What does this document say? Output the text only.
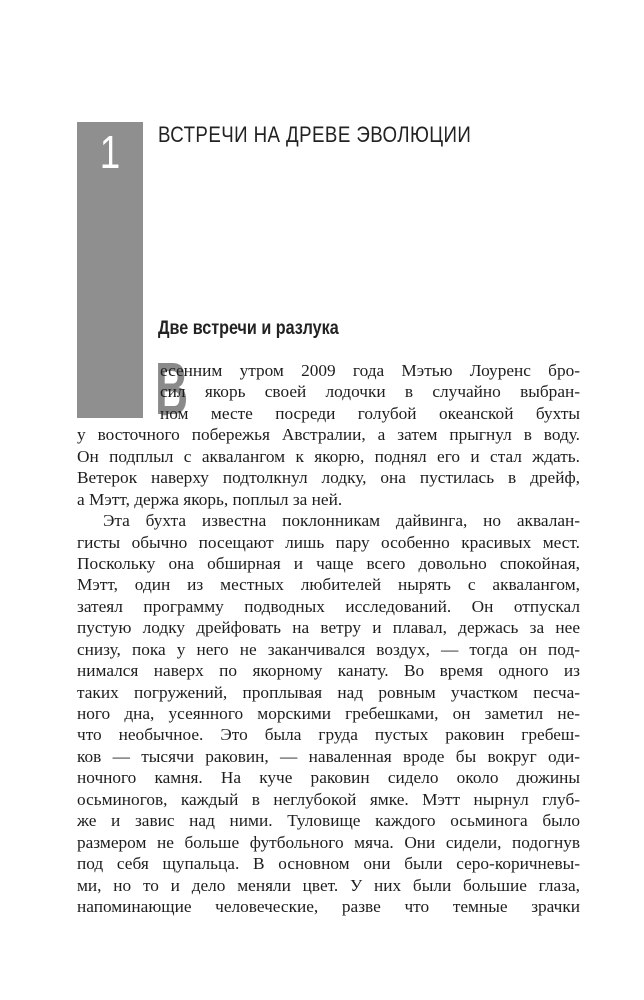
1	ВСТРЕЧИ НА ДРЕВЕ ЭВОЛЮЦИИ
Две встречи и разлука
В
есенним утром 2009 года Мэтью Лоуренс бро-
сил якорь своей лодочки в случайно выбран-
ном месте посреди голубой океанской бухты
у восточного побережья Австралии, а затем прыгнул в воду.
Он подплыл с аквалангом к якорю, поднял его и стал ждать.
Ветерок наверху подтолкнул лодку, она пустилась в дрейф,
а Мэтт, держа якорь, поплыл за ней.
Эта бухта известна поклонникам дайвинга, но аквалан-
гисты обычно посещают лишь пару особенно красивых мест.
Поскольку она обширная и чаще всего довольно спокойная,
Мэтт, один из местных любителей нырять с аквалангом,
затеял программу подводных исследований. Он отпускал
пустую лодку дрейфовать на ветру и плавал, держась за нее
снизу, пока у него не заканчивался воздух, — тогда он под-
нимался наверх по якорному канату. Во время одного из
таких погружений, проплывая над ровным участком песча-
ного дна, усеянного морскими гребешками, он заметил не-
что необычное. Это была груда пустых раковин гребеш-
ков — тысячи раковин, — наваленная вроде бы вокруг оди-
ночного камня. На куче раковин сидело около дюжины
осьминогов, каждый в неглубокой ямке. Мэтт нырнул глуб-
же и завис над ними. Туловище каждого осьминога было
размером не больше футбольного мяча. Они сидели, подогнув
под себя щупальца. В основном они были серо-коричневы-
ми, но то и дело меняли цвет. У них были большие глаза,
напоминающие человеческие, разве что темные зрачки
